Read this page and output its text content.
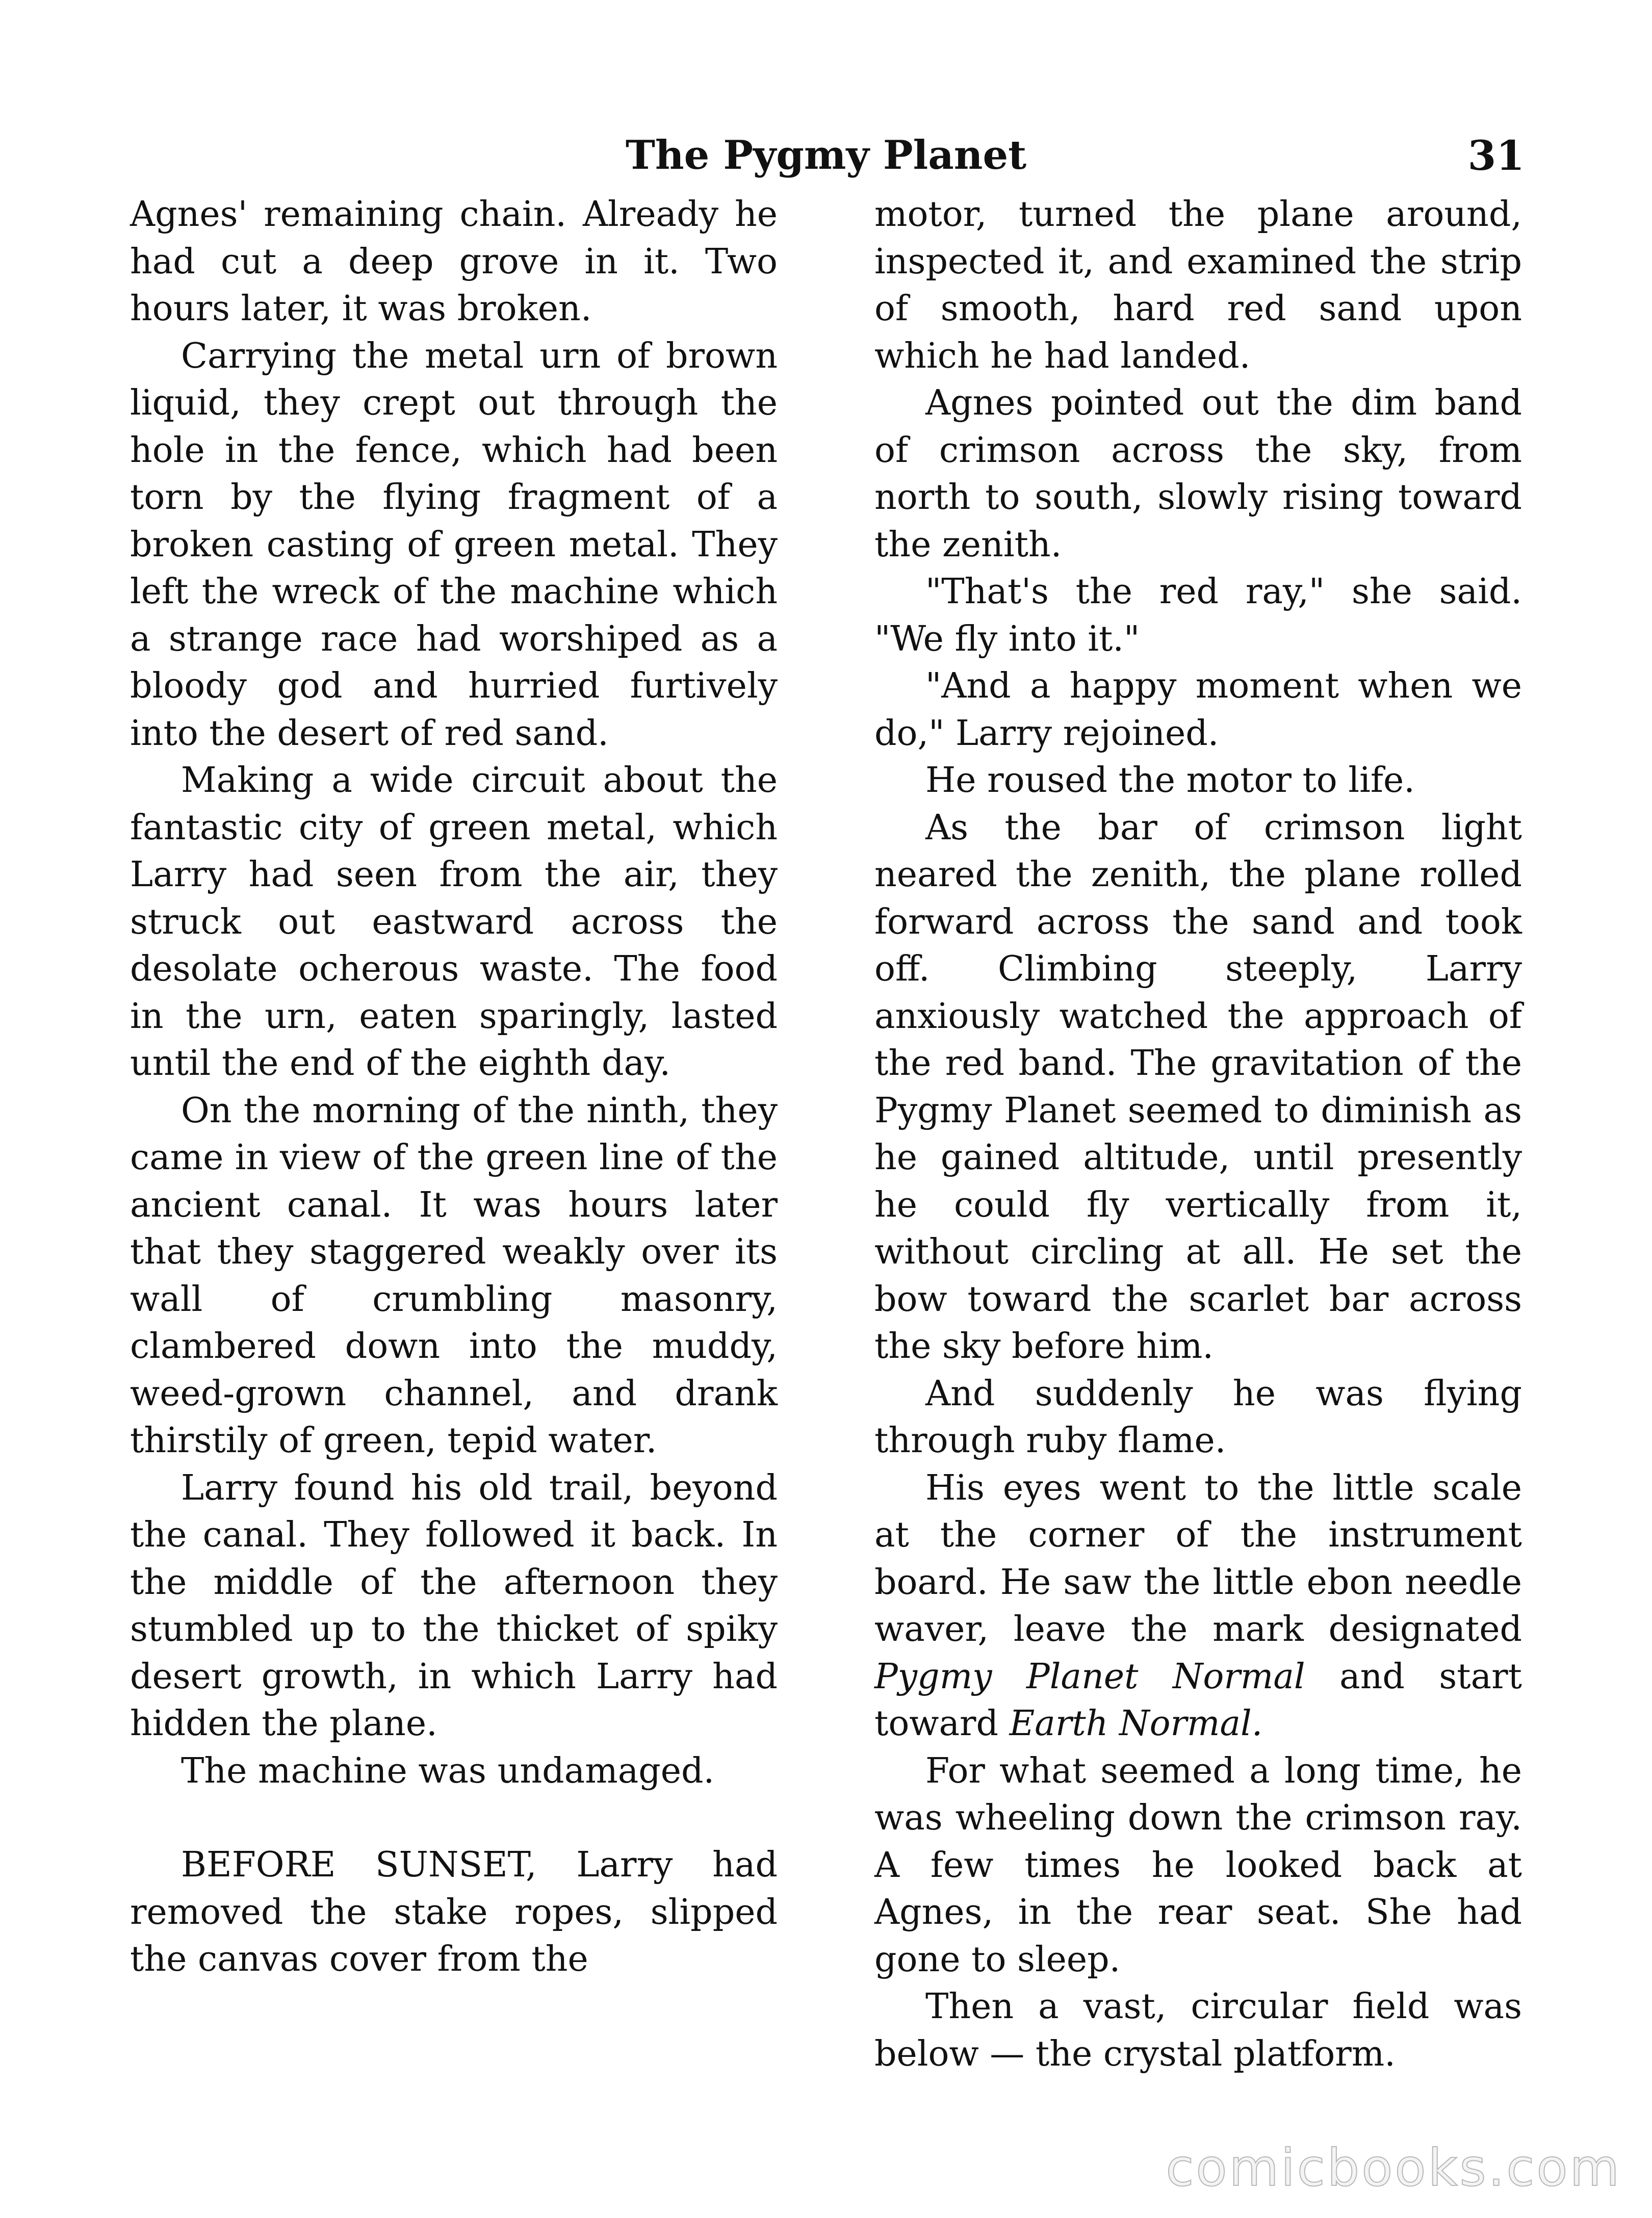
The Pygmy Planet	31

Agnes' remaining chain. Already he had cut a deep grove in it. Two hours later, it was broken.

Carrying the metal urn of brown liquid, they crept out through the hole in the fence, which had been torn by the flying fragment of a broken casting of green metal. They left the wreck of the machine which a strange race had worshiped as a bloody god and hurried furtively into the desert of red sand.

Making a wide circuit about the fantastic city of green metal, which Larry had seen from the air, they struck out eastward across the desolate ocherous waste. The food in the urn, eaten sparingly, lasted until the end of the eighth day.

On the morning of the ninth, they came in view of the green line of the ancient canal. It was hours later that they staggered weakly over its wall of crumbling masonry, clambered down into the muddy, weed-grown channel, and drank thirstily of green, tepid water.

Larry found his old trail, beyond the canal. They followed it back. In the middle of the afternoon they stumbled up to the thicket of spiky desert growth, in which Larry had hidden the plane.

The machine was undamaged.

BEFORE SUNSET, Larry had removed the stake ropes, slipped the canvas cover from the

motor, turned the plane around, inspected it, and examined the strip of smooth, hard red sand upon which he had landed.

Agnes pointed out the dim band of crimson across the sky, from north to south, slowly rising toward the zenith.

"That's the red ray," she said. "We fly into it."

"And a happy moment when we do," Larry rejoined.

He roused the motor to life.

As the bar of crimson light neared the zenith, the plane rolled forward across the sand and took off. Climbing steeply, Larry anxiously watched the approach of the red band. The gravitation of the Pygmy Planet seemed to diminish as he gained altitude, until presently he could fly vertically from it, without circling at all. He set the bow toward the scarlet bar across the sky before him.

And suddenly he was flying through ruby flame.

His eyes went to the little scale at the corner of the instrument board. He saw the little ebon needle waver, leave the mark designated Pygmy Planet Normal and start toward Earth Normal.

For what seemed a long time, he was wheeling down the crimson ray. A few times he looked back at Agnes, in the rear seat. She had gone to sleep.

Then a vast, circular field was below — the crystal platform.

comicbooks.com
